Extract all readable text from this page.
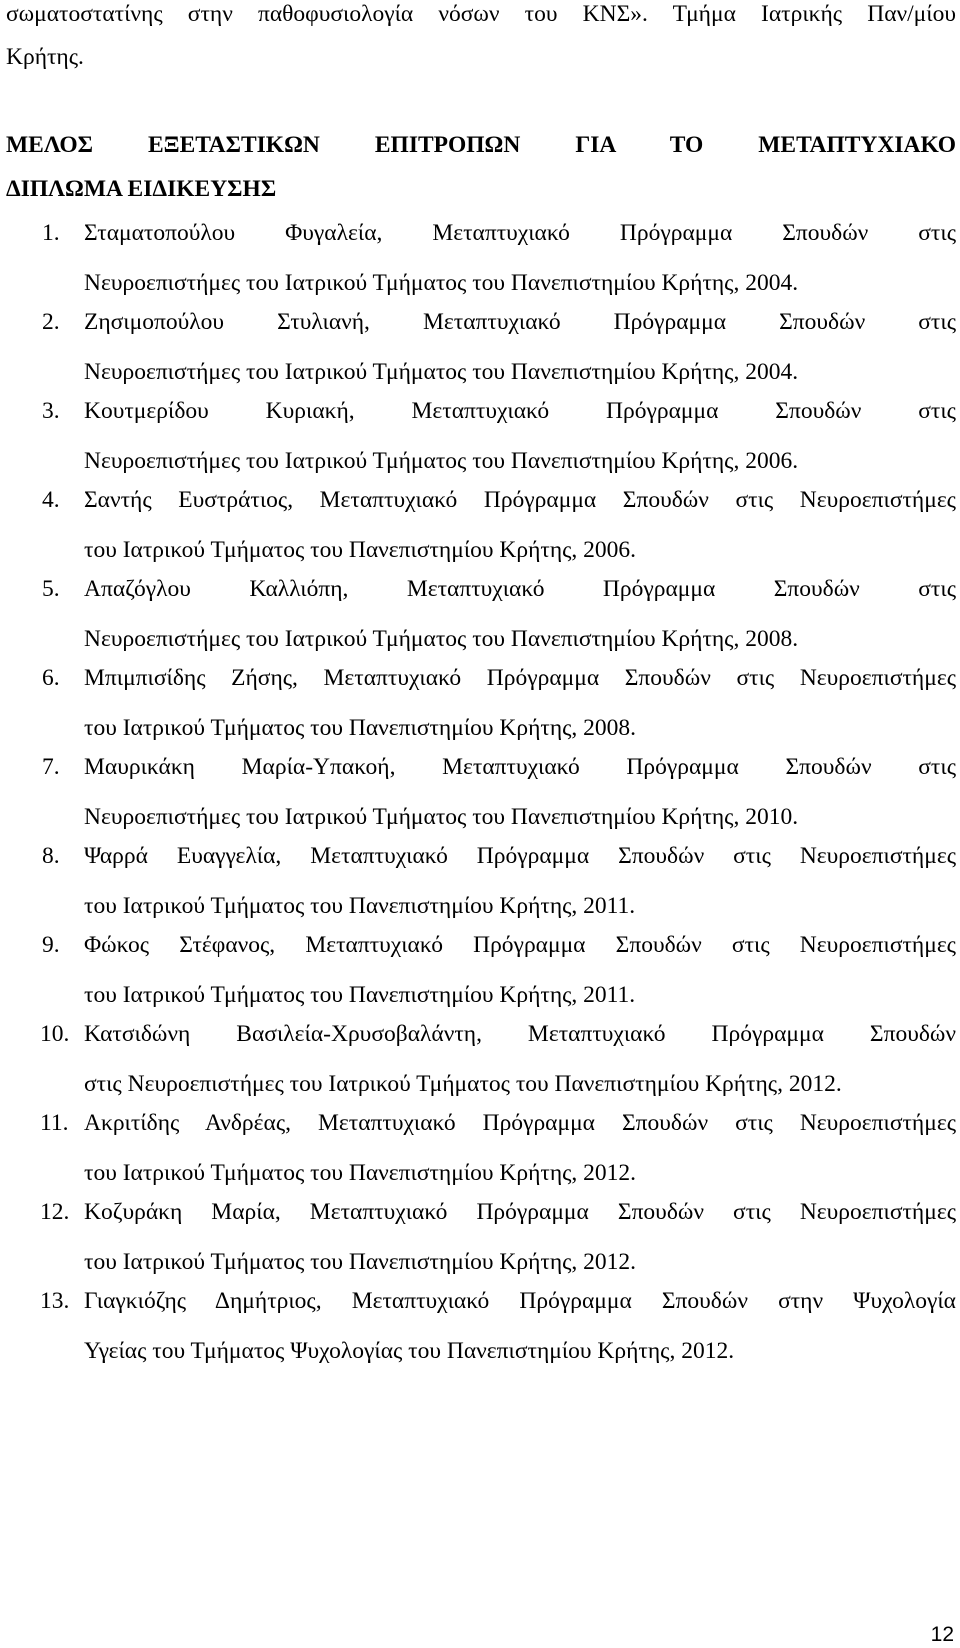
σωματοστατίνης στην παθοφυσιολογία νόσων του ΚΝΣ». Τμήμα Ιατρικής Παν/μίου
Κρήτης.
ΜΕΛΟΣ ΕΞΕΤΑΣΤΙΚΩΝ ΕΠΙΤΡΟΠΩΝ ΓΙΑ ΤΟ ΜΕΤΑΠΤΥΧΙΑΚΟ
ΔΙΠΛΩΜΑ ΕΙΔΙΚΕΥΣΗΣ
1. Σταματοπούλου Φυγαλεία, Μεταπτυχιακό Πρόγραμμα Σπουδών στις
Νευροεπιστήμες του Ιατρικού Τμήματος του Πανεπιστημίου Κρήτης, 2004.
2. Ζησιμοπούλου Στυλιανή, Μεταπτυχιακό Πρόγραμμα Σπουδών στις
Νευροεπιστήμες του Ιατρικού Τμήματος του Πανεπιστημίου Κρήτης, 2004.
3. Κουτμερίδου Κυριακή, Μεταπτυχιακό Πρόγραμμα Σπουδών στις
Νευροεπιστήμες του Ιατρικού Τμήματος του Πανεπιστημίου Κρήτης, 2006.
4. Σαντής Ευστράτιος, Μεταπτυχιακό Πρόγραμμα Σπουδών στις Νευροεπιστήμες
του Ιατρικού Τμήματος του Πανεπιστημίου Κρήτης, 2006.
5. Απαζόγλου Καλλιόπη, Μεταπτυχιακό Πρόγραμμα Σπουδών στις
Νευροεπιστήμες του Ιατρικού Τμήματος του Πανεπιστημίου Κρήτης, 2008.
6. Μπιμπισίδης Ζήσης, Μεταπτυχιακό Πρόγραμμα Σπουδών στις Νευροεπιστήμες
του Ιατρικού Τμήματος του Πανεπιστημίου Κρήτης, 2008.
7. Μαυρικάκη Μαρία-Υπακοή, Μεταπτυχιακό Πρόγραμμα Σπουδών στις
Νευροεπιστήμες του Ιατρικού Τμήματος του Πανεπιστημίου Κρήτης, 2010.
8. Ψαρρά Ευαγγελία, Μεταπτυχιακό Πρόγραμμα Σπουδών στις Νευροεπιστήμες
του Ιατρικού Τμήματος του Πανεπιστημίου Κρήτης, 2011.
9. Φώκος Στέφανος, Μεταπτυχιακό Πρόγραμμα Σπουδών στις Νευροεπιστήμες
του Ιατρικού Τμήματος του Πανεπιστημίου Κρήτης, 2011.
10. Κατσιδώνη Βασιλεία-Χρυσοβαλάντη, Μεταπτυχιακό Πρόγραμμα Σπουδών
στις Νευροεπιστήμες του Ιατρικού Τμήματος του Πανεπιστημίου Κρήτης, 2012.
11. Ακριτίδης Ανδρέας, Μεταπτυχιακό Πρόγραμμα Σπουδών στις Νευροεπιστήμες
του Ιατρικού Τμήματος του Πανεπιστημίου Κρήτης, 2012.
12. Κοζυράκη Μαρία, Μεταπτυχιακό Πρόγραμμα Σπουδών στις Νευροεπιστήμες
του Ιατρικού Τμήματος του Πανεπιστημίου Κρήτης, 2012.
13. Γιαγκιόζης Δημήτριος, Μεταπτυχιακό Πρόγραμμα Σπουδών στην Ψυχολογία
Υγείας του Τμήματος Ψυχολογίας του Πανεπιστημίου Κρήτης, 2012.
12
